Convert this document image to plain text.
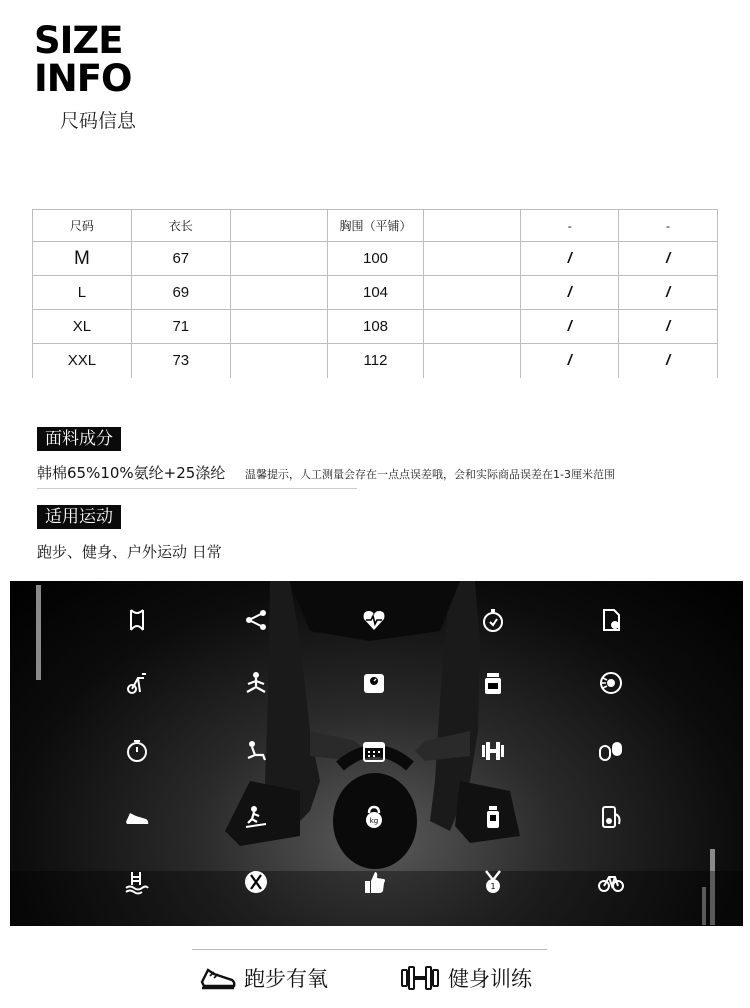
SIZE
INFO
尺码信息
尺码	衣长		胸围（平铺）		-	-
M	67		100		/	/
L	69		104		/	/
XL	71		108		/	/
XXL	73		112		/	/
面料成分
韩棉65%10%氨纶+25涤纶 温馨提示，人工测量会存在一点点误差哦，会和实际商品误差在1-3厘米范围
适用运动
跑步、健身、户外运动 日常
kg
1
跑步有氧	健身训练
